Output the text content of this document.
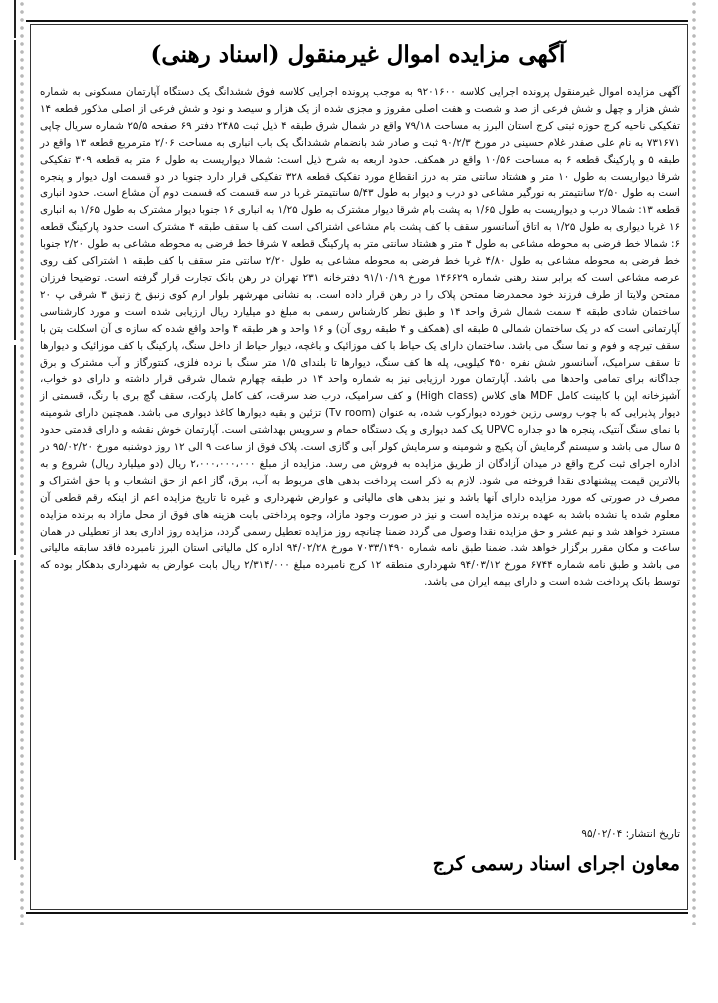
آگهی مزایده اموال غیرمنقول (اسناد رهنی)
آگهی مزایده اموال غیرمنقول پرونده اجرایی کلاسه ۹۲۰۱۶۰۰ به موجب پرونده اجرایی کلاسه فوق ششدانگ یک دستگاه آپارتمان مسکونی به شماره شش هزار و چهل و شش فرعی از صد و شصت و هفت اصلی مفروز و مجزی شده از یک هزار و سیصد و نود و شش فرعی از اصلی مذکور قطعه ۱۴ تفکیکی ناحیه کرج حوزه ثبتی کرج استان البرز به مساحت ۷۹/۱۸ واقع در شمال شرق طبقه ۴ ذیل ثبت ۲۴۸۵ دفتر ۶۹ صفحه ۲۵/۵ شماره سریال چاپی ۷۳۱۶۷۱ به نام علی صفدر غلام حسینی در مورخ ۹۰/۲/۳ ثبت و صادر شد بانضمام ششدانگ یک باب انباری به مساحت ۲/۰۶ مترمربع قطعه ۱۳ واقع در طبقه ۵ و پارکینگ قطعه ۶ به مساحت ۱۰/۵۶ واقع در همکف. حدود اربعه به شرح ذیل است: شمالا دیواریست به طول ۶ متر به قطعه ۳۰۹ تفکیکی شرقا دیواریست به طول ۱۰ متر و هشتاد سانتی متر به درز انقطاع مورد تفکیک قطعه ۳۲۸ تفکیکی قرار دارد جنوبا در دو قسمت اول دیوار و پنجره است به طول ۲/۵۰ سانتیمتر به نورگیر مشاعی دو درب و دیوار به طول ۵/۴۳ سانتیمتر غربا در سه قسمت که قسمت دوم آن مشاع است. حدود انباری قطعه ۱۳: شمالا درب و دیواریست به طول ۱/۶۵ به پشت بام شرقا دیوار مشترک به طول ۱/۲۵ به انباری ۱۶ جنوبا دیوار مشترک به طول ۱/۶۵ به انباری ۱۶ غربا دیواری به طول ۱/۲۵ به اتاق آسانسور سقف با کف پشت بام مشاعی اشتراکی است کف با سقف طبقه ۴ مشترک است حدود پارکینگ قطعه ۶: شمالا خط فرضی به محوطه مشاعی به طول ۴ متر و هشتاد سانتی متر به پارکینگ قطعه ۷ شرقا خط فرضی به محوطه مشاعی به طول ۲/۲۰ جنوبا خط فرضی به محوطه مشاعی به طول ۴/۸۰ غربا خط فرضی به محوطه مشاعی به طول ۲/۲۰ سانتی متر سقف با کف طبقه ۱ اشتراکی کف روی عرصه مشاعی است که برابر سند رهنی شماره ۱۴۶۶۲۹ مورخ ۹۱/۱۰/۱۹ دفترخانه ۲۳۱ تهران در رهن بانک تجارت قرار گرفته است. توضیحا فرزان ممتحن ولایتا از طرف فرزند خود محمدرضا ممتحن پلاک را در رهن قرار داده است. به نشانی مهرشهر بلوار ارم کوی زنبق خ زنبق ۳ شرقی پ ۲۰ ساختمان شادی طبقه ۴ سمت شمال شرق واحد ۱۴ و طبق نظر کارشناس رسمی به مبلغ دو میلیارد ریال ارزیابی شده است و مورد کارشناسی آپارتمانی است که در یک ساختمان شمالی ۵ طبقه ای (همکف و ۴ طبقه روی آن) و ۱۶ واحد و هر طبقه ۴ واحد واقع شده که سازه ی آن اسکلت بتن با سقف تیرچه و فوم و نما سنگ می باشد. ساختمان دارای یک حیاط با کف موزائیک و باغچه، دیوار حیاط از داخل سنگ، پارکینگ با کف موزائیک و دیوارها تا سقف سرامیک، آسانسور شش نفره ۴۵۰ کیلویی، پله ها کف سنگ، دیوارها تا بلندای ۱/۵ متر سنگ با نرده فلزی، کنتورگاز و آب مشترک و برق جداگانه برای تمامی واحدها می باشد. آپارتمان مورد ارزیابی نیز به شماره واحد ۱۴ در طبقه چهارم شمال شرقی قرار داشته و دارای دو خواب، آشپزخانه اپن با کابینت کامل MDF های کلاس (High class) و کف سرامیک، درب ضد سرقت، کف کامل پارکت، سقف گچ بری با رنگ، قسمتی از دیوار پذیرایی که با چوب روسی رزین خورده دیوارکوب شده، به عنوان (Tv room) تزئین و بقیه دیوارها کاغذ دیواری می باشد. همچنین دارای شومینه با نمای سنگ آنتیک، پنجره ها دو جداره UPVC یک کمد دیواری و یک دستگاه حمام و سرویس بهداشتی است. آپارتمان خوش نقشه و دارای قدمتی حدود ۵ سال می باشد و سیستم گرمایش آن پکیج و شومینه و سرمایش کولر آبی و گازی است. پلاک فوق از ساعت ۹ الی ۱۲ روز دوشنبه مورخ ۹۵/۰۲/۲۰ در اداره اجرای ثبت کرج واقع در میدان آزادگان از طریق مزایده به فروش می رسد. مزایده از مبلغ ۲،۰۰۰،۰۰۰،۰۰۰ ریال (دو میلیارد ریال) شروع و به بالاترین قیمت پیشنهادی نقدا فروخته می شود. لازم به ذکر است پرداخت بدهی های مربوط به آب، برق، گاز اعم از حق انشعاب و یا حق اشتراک و مصرف در صورتی که مورد مزایده دارای آنها باشد و نیز بدهی های مالیاتی و عوارض شهرداری و غیره تا تاریخ مزایده اعم از اینکه رقم قطعی آن معلوم شده یا نشده باشد به عهده برنده مزایده است و نیز در صورت وجود مازاد، وجوه پرداختی بابت هزینه های فوق از محل مازاد به برنده مزایده مسترد خواهد شد و نیم عشر و حق مزایده نقدا وصول می گردد ضمنا چنانچه روز مزایده تعطیل رسمی گردد، مزایده روز اداری بعد از تعطیلی در همان ساعت و مکان مقرر برگزار خواهد شد. ضمنا طبق نامه شماره ۷۰۳۳/۱۴۹۰ مورخ ۹۴/۰۲/۲۸ اداره کل مالیاتی استان البرز نامبرده فاقد سابقه مالیاتی می باشد و طبق نامه شماره ۶۷۴۴ مورخ ۹۴/۰۳/۱۲ شهرداری منطقه ۱۲ کرج نامبرده مبلغ ۲/۳۱۴/۰۰۰ ریال بابت عوارض به شهرداری بدهکار بوده که توسط بانک پرداخت شده است و دارای بیمه ایران می باشد.
تاریخ انتشار: ۹۵/۰۲/۰۴
معاون اجرای اسناد رسمی کرج
